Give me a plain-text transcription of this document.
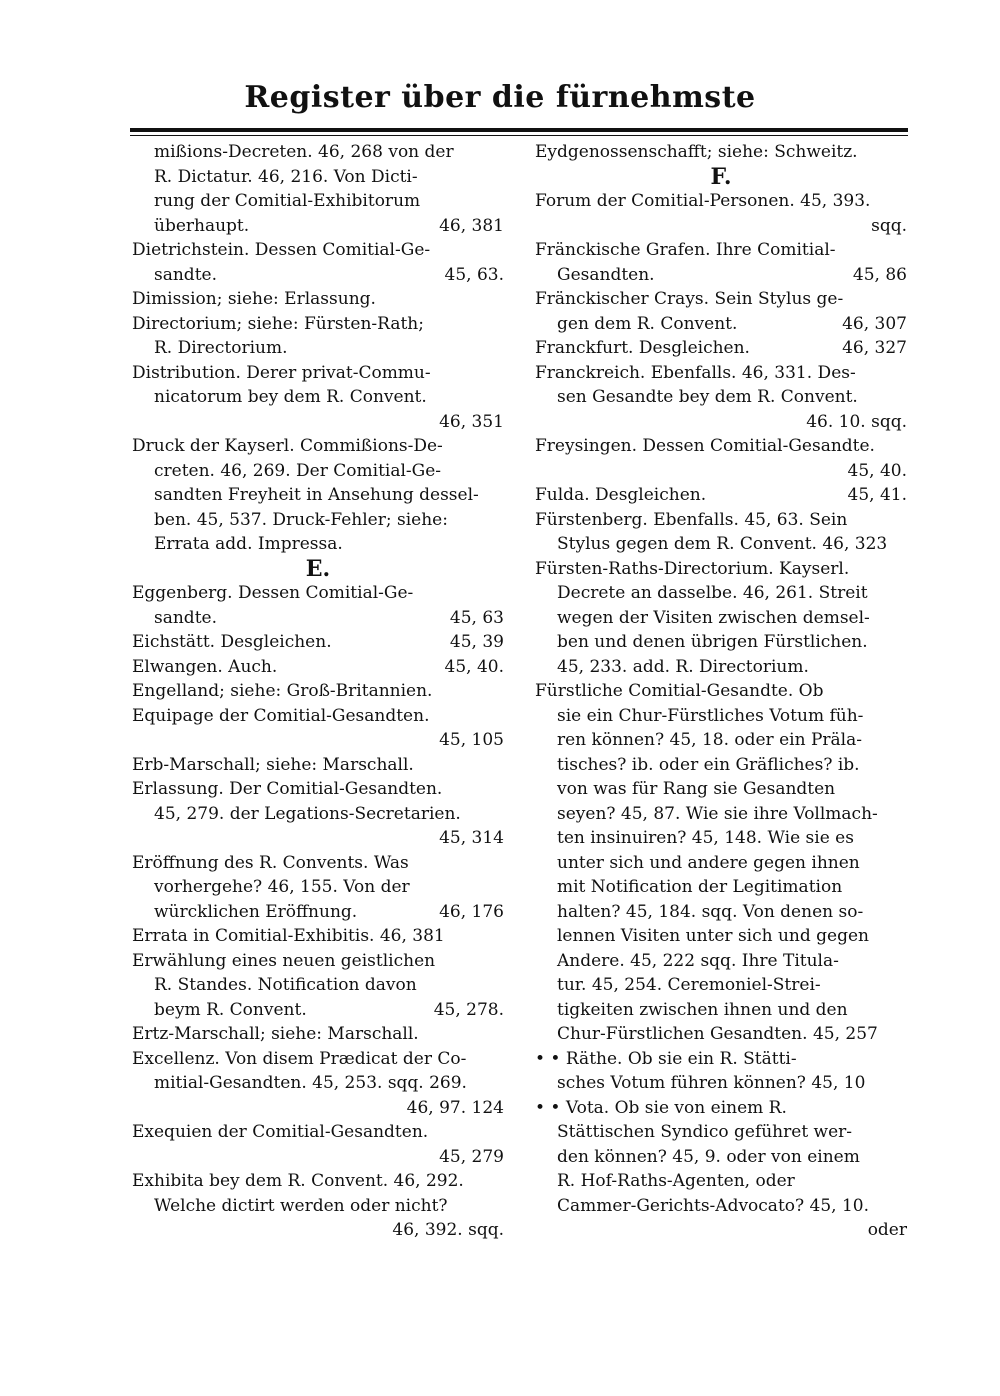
Register über die fürnehmste
mißions-Decreten. 46, 268 von der
R. Dictatur. 46, 216. Von Dicti-
rung der Comitial-Exhibitorum
überhaupt.	46, 381
Dietrichstein. Dessen Comitial-Ge-
sandte.	45, 63.
Dimission; siehe: Erlassung.
Directorium; siehe: Fürsten-Rath;
R. Directorium.
Distribution. Derer privat-Commu-
nicatorum bey dem R. Convent.
46, 351
Druck der Kayserl. Commißions-De-
creten. 46, 269. Der Comitial-Ge-
sandten Freyheit in Ansehung dessel-
ben. 45, 537. Druck-Fehler; siehe:
Errata add. Impressa.
E.
Eggenberg. Dessen Comitial-Ge-
sandte.	45, 63
Eichstätt. Desgleichen.	45, 39
Elwangen. Auch.	45, 40.
Engelland; siehe: Groß-Britannien.
Equipage der Comitial-Gesandten.
45, 105
Erb-Marschall; siehe: Marschall.
Erlassung. Der Comitial-Gesandten.
45, 279. der Legations-Secretarien.
45, 314
Eröffnung des R. Convents. Was
vorhergehe? 46, 155. Von der
würcklichen Eröffnung.	46, 176
Errata in Comitial-Exhibitis. 46, 381
Erwählung eines neuen geistlichen
R. Standes. Notification davon
beym R. Convent.	45, 278.
Ertz-Marschall; siehe: Marschall.
Excellenz. Von disem Prædicat der Co-
mitial-Gesandten. 45, 253. sqq. 269.
46, 97. 124
Exequien der Comitial-Gesandten.
45, 279
Exhibita bey dem R. Convent. 46, 292.
Welche dictirt werden oder nicht?
46, 392. sqq.
Eydgenossenschafft; siehe: Schweitz.
F.
Forum der Comitial-Personen. 45, 393.
sqq.
Fränckische Grafen. Ihre Comitial-
Gesandten.	45, 86
Fränckischer Crays. Sein Stylus ge-
gen dem R. Convent.	46, 307
Franckfurt. Desgleichen.	46, 327
Franckreich. Ebenfalls. 46, 331. Des-
sen Gesandte bey dem R. Convent.
46. 10. sqq.
Freysingen. Dessen Comitial-Gesandte.
45, 40.
Fulda. Desgleichen.	45, 41.
Fürstenberg. Ebenfalls. 45, 63. Sein
Stylus gegen dem R. Convent. 46, 323
Fürsten-Raths-Directorium. Kayserl.
Decrete an dasselbe. 46, 261. Streit
wegen der Visiten zwischen demsel-
ben und denen übrigen Fürstlichen.
45, 233. add. R. Directorium.
Fürstliche Comitial-Gesandte. Ob
sie ein Chur-Fürstliches Votum füh-
ren können? 45, 18. oder ein Präla-
tisches? ib. oder ein Gräfliches? ib.
von was für Rang sie Gesandten
seyen? 45, 87. Wie sie ihre Vollmach-
ten insinuiren? 45, 148. Wie sie es
unter sich und andere gegen ihnen
mit Notification der Legitimation
halten? 45, 184. sqq. Von denen so-
lennen Visiten unter sich und gegen
Andere. 45, 222 sqq. Ihre Titula-
tur. 45, 254. Ceremoniel-Strei-
tigkeiten zwischen ihnen und den
Chur-Fürstlichen Gesandten. 45, 257
• • Räthe. Ob sie ein R. Stätti-
sches Votum führen können? 45, 10
• • Vota. Ob sie von einem R.
Stättischen Syndico geführet wer-
den können? 45, 9. oder von einem
R. Hof-Raths-Agenten, oder
Cammer-Gerichts-Advocato? 45, 10.
oder
